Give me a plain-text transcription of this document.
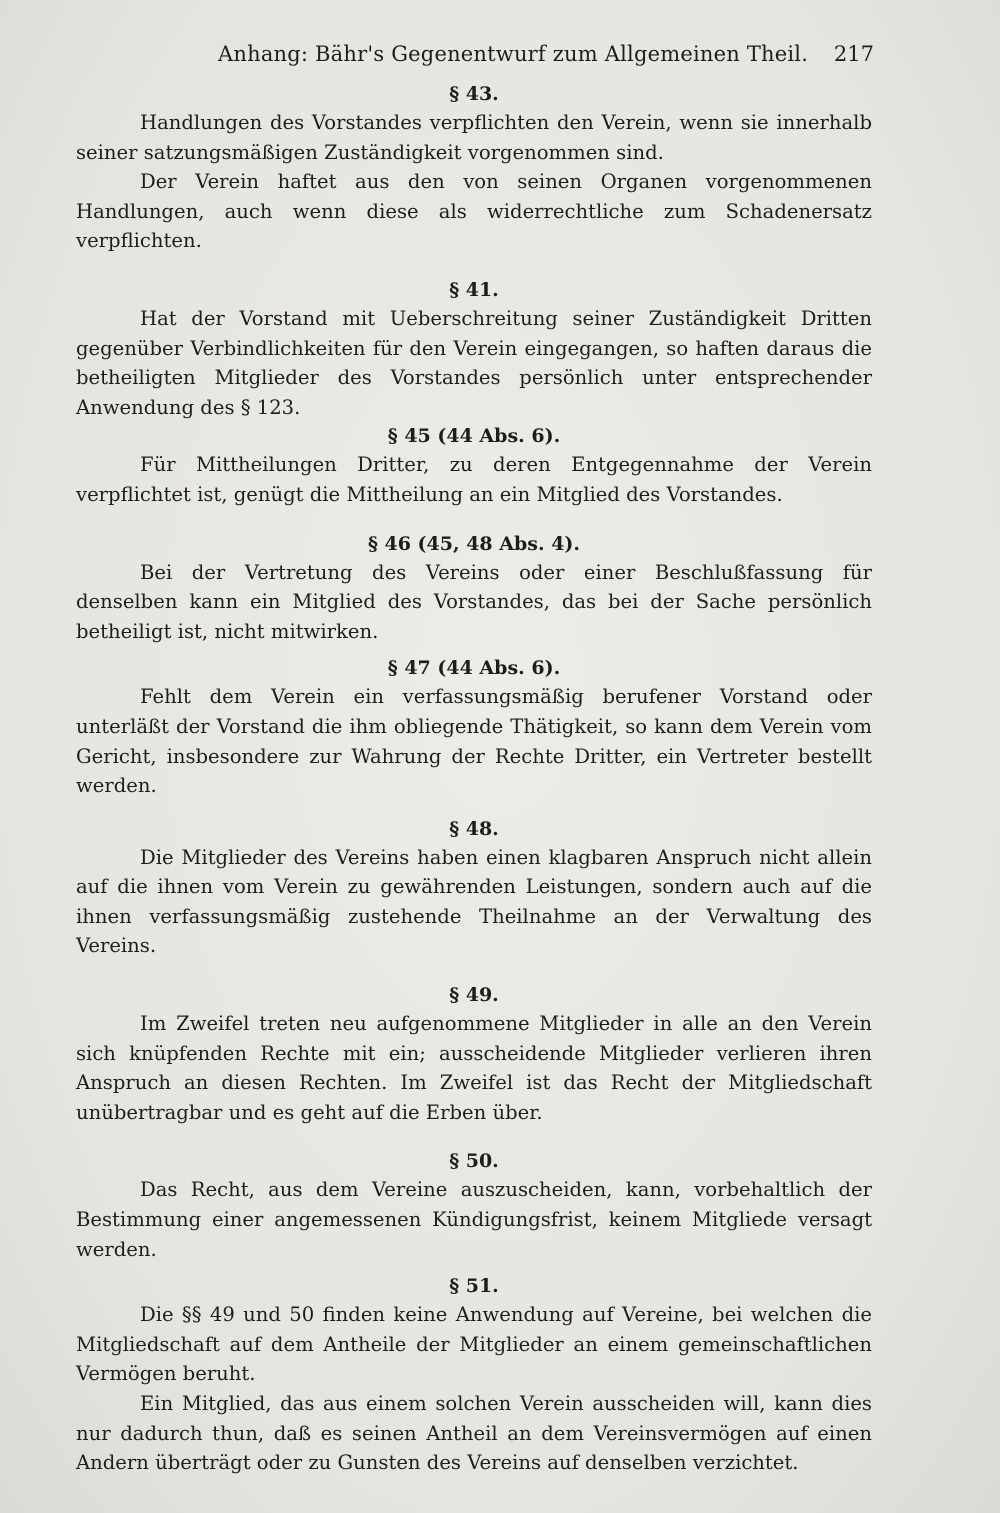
Anhang: Bähr's Gegenentwurf zum Allgemeinen Theil. 217
§ 43.

Handlungen des Vorstandes verpflichten den Verein, wenn sie innerhalb seiner satzungsmäßigen Zuständigkeit vorgenommen sind.

Der Verein haftet aus den von seinen Organen vorgenommenen Handlungen, auch wenn diese als widerrechtliche zum Schadenersatz verpflichten.

§ 41.

Hat der Vorstand mit Ueberschreitung seiner Zuständigkeit Dritten gegenüber Verbindlichkeiten für den Verein eingegangen, so haften daraus die betheiligten Mitglieder des Vorstandes persönlich unter entsprechender Anwendung des § 123.

§ 45 (44 Abs. 6).

Für Mittheilungen Dritter, zu deren Entgegennahme der Verein verpflichtet ist, genügt die Mittheilung an ein Mitglied des Vorstandes.

§ 46 (45, 48 Abs. 4).

Bei der Vertretung des Vereins oder einer Beschlußfassung für denselben kann ein Mitglied des Vorstandes, das bei der Sache persönlich betheiligt ist, nicht mitwirken.

§ 47 (44 Abs. 6).

Fehlt dem Verein ein verfassungsmäßig berufener Vorstand oder unterläßt der Vorstand die ihm obliegende Thätigkeit, so kann dem Verein vom Gericht, insbesondere zur Wahrung der Rechte Dritter, ein Vertreter bestellt werden.

§ 48.

Die Mitglieder des Vereins haben einen klagbaren Anspruch nicht allein auf die ihnen vom Verein zu gewährenden Leistungen, sondern auch auf die ihnen verfassungsmäßig zustehende Theilnahme an der Verwaltung des Vereins.

§ 49.

Im Zweifel treten neu aufgenommene Mitglieder in alle an den Verein sich knüpfenden Rechte mit ein; ausscheidende Mitglieder verlieren ihren Anspruch an diesen Rechten. Im Zweifel ist das Recht der Mitgliedschaft unübertragbar und es geht auf die Erben über.

§ 50.

Das Recht, aus dem Vereine auszuscheiden, kann, vorbehaltlich der Bestimmung einer angemessenen Kündigungsfrist, keinem Mitgliede versagt werden.

§ 51.

Die §§ 49 und 50 finden keine Anwendung auf Vereine, bei welchen die Mitgliedschaft auf dem Antheile der Mitglieder an einem gemeinschaftlichen Vermögen beruht.

Ein Mitglied, das aus einem solchen Verein ausscheiden will, kann dies nur dadurch thun, daß es seinen Antheil an dem Vereinsvermögen auf einen Andern überträgt oder zu Gunsten des Vereins auf denselben verzichtet.
